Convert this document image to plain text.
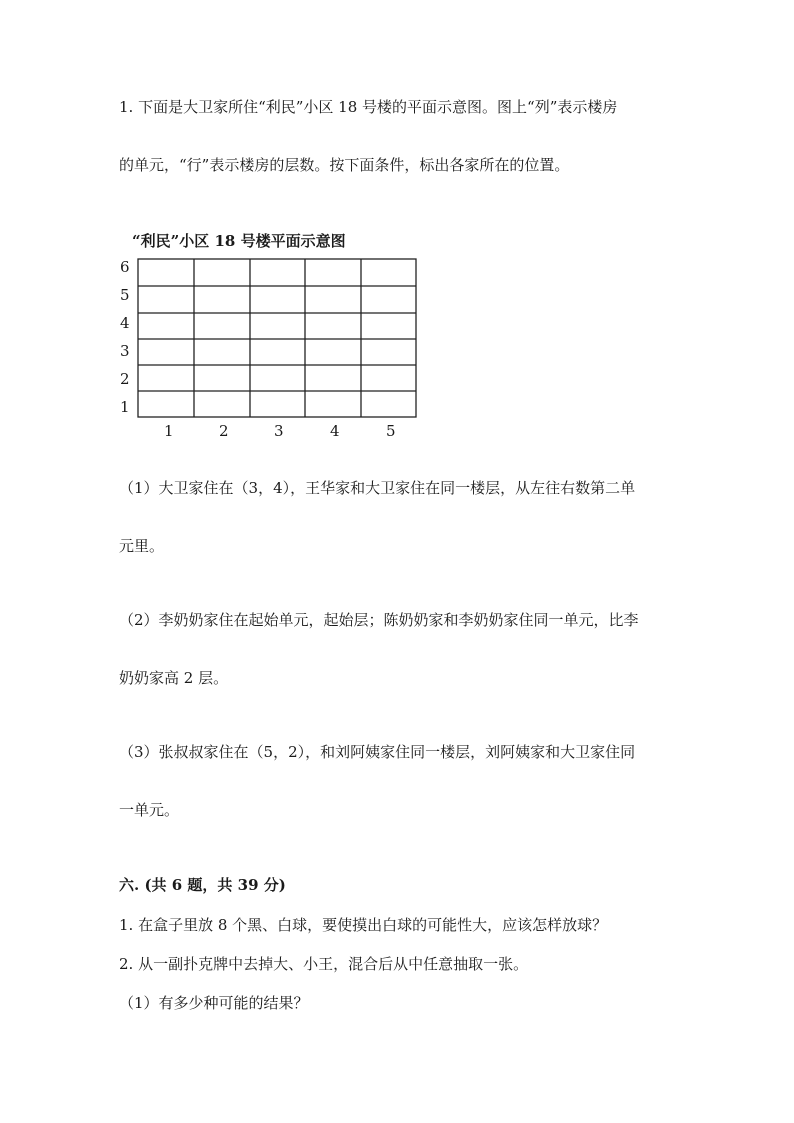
1. 下面是大卫家所住“利民”小区 18 号楼的平面示意图。图上“列”表示楼房
的单元，“行”表示楼房的层数。按下面条件，标出各家所在的位置。
“利民”小区 18 号楼平面示意图
6
5
4
3
2
1
1	2	3	4	5
（1）大卫家住在（3，4），王华家和大卫家住在同一楼层，从左往右数第二单
元里。
（2）李奶奶家住在起始单元，起始层；陈奶奶家和李奶奶家住同一单元，比李
奶奶家高 2 层。
（3）张叔叔家住在（5，2），和刘阿姨家住同一楼层，刘阿姨家和大卫家住同
一单元。
六. (共 6 题，共 39 分)
1. 在盒子里放 8 个黑、白球，要使摸出白球的可能性大，应该怎样放球？
2. 从一副扑克牌中去掉大、小王，混合后从中任意抽取一张。
（1）有多少种可能的结果？
